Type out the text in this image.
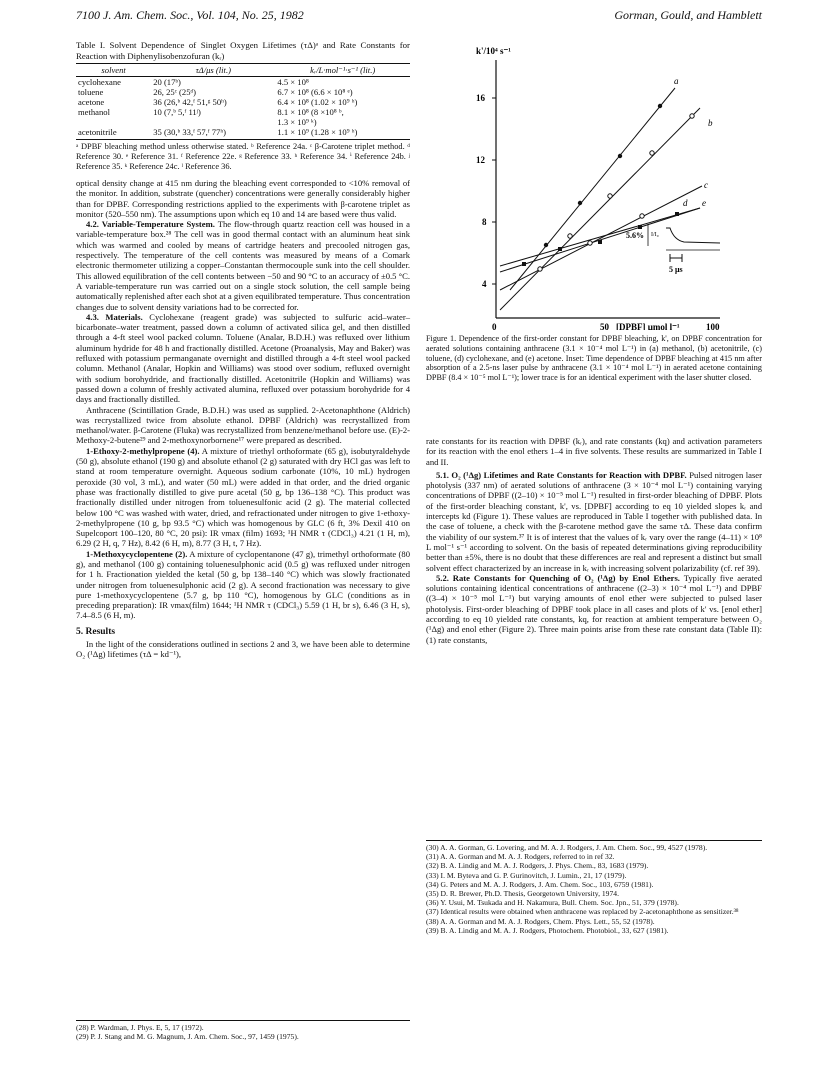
7100 J. Am. Chem. Soc., Vol. 104, No. 25, 1982	Gorman, Gould, and Hamblett
Table I. Solvent Dependence of Singlet Oxygen Lifetimes (τΔ)ᵃ and Rate Constants for Reaction with Diphenylisobenzofuran (kᵣ)
solvent	τΔ/μs (lit.)	kᵣ/L·mol⁻¹·s⁻¹ (lit.)
cyclohexane	20 (17ᵇ)	4.5 × 10⁸
toluene	26, 25ᶜ (25ᵈ)	6.7 × 10⁸ (6.6 × 10⁸ ᵉ)
acetone	36 (26,ᵇ 42,ᶠ 51,ᵍ 50ʰ)	6.4 × 10⁸ (1.02 × 10⁹ ʰ)
methanol	10 (7,ᵇ 5,ᶠ 11ʲ)	8.1 × 10⁸ (8 ×10⁸ ᵇ,
		1.3 × 10⁹ ᵏ)
acetonitrile	35 (30,ᵇ 33,ᶠ 57,ᶠ 77ʰ)	1.1 × 10⁹ (1.28 × 10⁹ ʰ)
ᵃ DPBF bleaching method unless otherwise stated. ᵇ Reference 24a. ᶜ β-Carotene triplet method. ᵈ Reference 30. ᵉ Reference 31. ᶠ Reference 22e. ᵍ Reference 33. ʰ Reference 34. ⁱ Reference 24b. ʲ Reference 35. ᵏ Reference 24c. ˡ Reference 36.

optical density change at 415 nm during the bleaching event corresponded to <10% removal of the monitor. In addition, substrate (quencher) concentrations were generally considerably higher than for DPBF. Corresponding restrictions applied to the experiments with β-carotene triplet as monitor (520–550 nm). The assumptions upon which eq 10 and 14 are based were thus valid.

4.2. Variable-Temperature System. The flow-through quartz reaction cell was housed in a variable-temperature box.²⁸ The cell was in good thermal contact with an aluminum heat sink which was warmed and cooled by means of cartridge heaters and precooled nitrogen gas, respectively. The temperature of the cell contents was measured by means of a Comark electronic thermometer utilizing a copper–Constantan thermocouple sunk into the cell shoulder. This allowed equilibration of the cell contents between −50 and 90 °C to an accuracy of ±0.5 °C. A variable-temperature run was carried out on a single stock solution, the cell sample being automatically replenished after each shot at a given equilibrated temperature. Thus concentration changes due to solvent density variations had to be corrected for.

4.3. Materials. Cyclohexane (reagent grade) was subjected to sulfuric acid–water–bicarbonate–water treatment, passed down a column of activated silica gel, and then distilled through a 4-ft steel wool packed column. Toluene (Analar, B.D.H.) was refluxed over lithium aluminum hydride for 48 h and fractionally distilled. Acetone (Proanalysis, May and Baker) was refluxed with potassium permanganate overnight and distilled through a 4-ft steel wool packed column. Methanol (Analar, Hopkin and Williams) was stood over sodium, refluxed overnight with sodium borohydride, and fractionally distilled. Acetonitrile (Hopkin and Williams) was passed down a column of freshly activated alumina, refluxed over potassium borohydride for 4 days and fractionally distilled.

Anthracene (Scintillation Grade, B.D.H.) was used as supplied. 2-Acetonaphthone (Aldrich) was recrystallized twice from absolute ethanol. DPBF (Aldrich) was recrystallized from methanol/water. β-Carotene (Fluka) was recrystallized from benzene/methanol before use. (E)-2-Methoxy-2-butene²⁹ and 2-methoxynorbornene¹⁷ were prepared as described.

1-Ethoxy-2-methylpropene (4). A mixture of triethyl orthoformate (65 g), isobutyraldehyde (50 g), absolute ethanol (190 g) and absolute ethanol (2 g) saturated with dry HCl gas was left to stand at room temperature overnight. Aqueous sodium carbonate (10%, 10 mL) hydrogen peroxide (30 vol, 3 mL), and water (50 mL) were added in that order, and the dried organic phase was fractionally distilled to give pure acetal (50 g, bp 136–138 °C). This product was fractionally distilled under nitrogen from toluenesulfonic acid (2 g). The material collected below 100 °C was washed with water, dried, and refractionated under nitrogen to give 1-ethoxy-2-methylpropene (10 g, bp 93.5 °C) which was homogenous by GLC (6 ft, 3% Dexil 410 on Supelcoport 100–120, 80 °C, 20 psi): IR νmax (film) 1693; ¹H NMR τ (CDCl₃) 4.21 (1 H, m), 6.29 (2 H, q, 7 Hz), 8.42 (6 H, m), 8.77 (3 H, t, 7 Hz).

1-Methoxycyclopentene (2). A mixture of cyclopentanone (47 g), trimethyl orthoformate (80 g), and methanol (100 g) containing toluenesulphonic acid (0.5 g) was refluxed under nitrogen for 1 h. Fractionation yielded the ketal (50 g, bp 138–140 °C) which was slowly fractionated under nitrogen from toluenesulphonic acid (2 g). A second fractionation was necessary to give pure 1-methoxycyclopentene (5.7 g, bp 110 °C), homogenous by GLC (conditions as in preceding preparation): IR νmax(film) 1644; ¹H NMR τ (CDCl₃) 5.59 (1 H, br s), 6.46 (3 H, s), 7.4–8.5 (6 H, m).

5. Results

In the light of the considerations outlined in sections 2 and 3, we have been able to determine O₂ (¹Δg) lifetimes (τΔ = kd⁻¹),

(28) P. Wardman, J. Phys. E, 5, 17 (1972).
(29) P. J. Stang and M. G. Magnum, J. Am. Chem. Soc., 97, 1459 (1975).
k'/10⁴ s⁻¹
16
12
8
4
0	50	100
[DPBF] μmol l⁻¹
a
b
c
d e
5.6% I/I₀
5 μs
Figure 1. Dependence of the first-order constant for DPBF bleaching, k', on DPBF concentration for aerated solutions containing anthracene (3.1 × 10⁻⁴ mol L⁻¹) in (a) methanol, (b) acetonitrile, (c) toluene, (d) cyclohexane, and (e) acetone. Inset: Time dependence of DPBF bleaching at 415 nm after absorption of a 2.5-ns laser pulse by anthracene (3.1 × 10⁻⁴ mol L⁻¹) in aerated acetone containing DPBF (8.4 × 10⁻⁵ mol L⁻¹); lower trace is for an identical experiment with the laser shutter closed.

rate constants for its reaction with DPBF (kᵣ), and rate constants (kq) and activation parameters for its reaction with the enol ethers 1–4 in five solvents. These results are summarized in Table I and II.

5.1. O₂ (¹Δg) Lifetimes and Rate Constants for Reaction with DPBF. Pulsed nitrogen laser photolysis (337 nm) of aerated solutions of anthracene (3 × 10⁻⁴ mol L⁻¹) containing varying concentrations of DPBF ((2–10) × 10⁻⁵ mol L⁻¹) resulted in first-order bleaching of DPBF. Plots of the first-order bleaching constant, k', vs. [DPBF] according to eq 10 yielded slopes kᵣ and intercepts kd (Figure 1). These values are reproduced in Table I together with published data. In the case of toluene, a check with the β-carotene method gave the same τΔ. These data confirm the viability of our system.³⁷ It is of interest that the values of kᵣ vary over the range (4–11) × 10⁸ L mol⁻¹ s⁻¹ according to solvent. On the basis of repeated determinations giving reproducibility better than ±5%, there is no doubt that these differences are real and represent a distinct but small solvent effect characterized by an increase in kᵣ with increasing solvent polarizability (cf. ref 39).

5.2. Rate Constants for Quenching of O₂ (¹Δg) by Enol Ethers. Typically five aerated solutions containing identical concentrations of anthracene ((2–3) × 10⁻⁴ mol L⁻¹) and DPBF ((3–4) × 10⁻⁵ mol L⁻¹) but varying amounts of enol ether were subjected to pulsed laser photolysis. First-order bleaching of DPBF took place in all cases and plots of k' vs. [enol ether] according to eq 10 yielded rate constants, kq, for reaction at ambient temperature between O₂ (¹Δg) and enol ether (Figure 2). Three main points arise from these rate constant data (Table II): (1) rate constants,

(30) A. A. Gorman, G. Lovering, and M. A. J. Rodgers, J. Am. Chem. Soc., 99, 4527 (1978).
(31) A. A. Gorman and M. A. J. Rodgers, referred to in ref 32.
(32) B. A. Lindig and M. A. J. Rodgers, J. Phys. Chem., 83, 1683 (1979).
(33) I. M. Byteva and G. P. Gurinovitch, J. Lumin., 21, 17 (1979).
(34) G. Peters and M. A. J. Rodgers, J. Am. Chem. Soc., 103, 6759 (1981).
(35) D. R. Brewer, Ph.D. Thesis, Georgetown University, 1974.
(36) Y. Usui, M. Tsukada and H. Nakamura, Bull. Chem. Soc. Jpn., 51, 379 (1978).
(37) Identical results were obtained when anthracene was replaced by 2-acetonaphthone as sensitizer.³⁸
(38) A. A. Gorman and M. A. J. Rodgers, Chem. Phys. Lett., 55, 52 (1978).
(39) B. A. Lindig and M. A. J. Rodgers, Photochem. Photobiol., 33, 627 (1981).
